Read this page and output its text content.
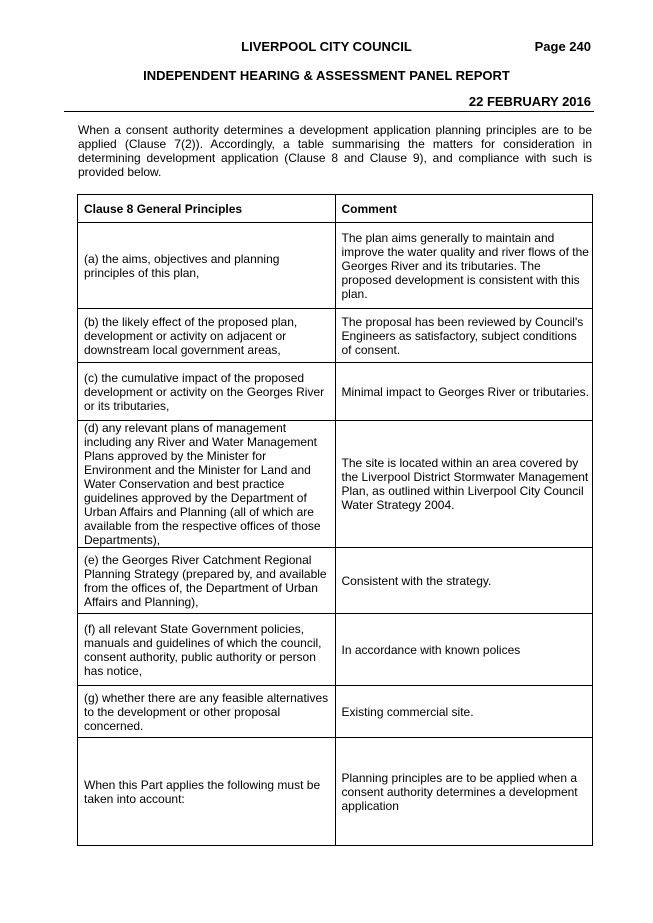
LIVERPOOL CITY COUNCIL	Page 240
INDEPENDENT HEARING & ASSESSMENT PANEL REPORT
22 FEBRUARY 2016
When a consent authority determines a development application planning principles are to be applied (Clause 7(2)). Accordingly, a table summarising the matters for consideration in determining development application (Clause 8 and Clause 9), and compliance with such is provided below.
Clause 8 General Principles	Comment
(a) the aims, objectives and planning principles of this plan,	The plan aims generally to maintain and improve the water quality and river flows of the Georges River and its tributaries. The proposed development is consistent with this plan.
(b) the likely effect of the proposed plan, development or activity on adjacent or downstream local government areas,	The proposal has been reviewed by Council's Engineers as satisfactory, subject conditions of consent.
(c) the cumulative impact of the proposed development or activity on the Georges River or its tributaries,	Minimal impact to Georges River or tributaries.
(d) any relevant plans of management including any River and Water Management Plans approved by the Minister for Environment and the Minister for Land and Water Conservation and best practice guidelines approved by the Department of Urban Affairs and Planning (all of which are available from the respective offices of those Departments),	The site is located within an area covered by the Liverpool District Stormwater Management Plan, as outlined within Liverpool City Council Water Strategy 2004.
(e) the Georges River Catchment Regional Planning Strategy (prepared by, and available from the offices of, the Department of Urban Affairs and Planning),	Consistent with the strategy.
(f) all relevant State Government policies, manuals and guidelines of which the council, consent authority, public authority or person has notice,	In accordance with known polices
(g) whether there are any feasible alternatives to the development or other proposal concerned.	Existing commercial site.
When this Part applies the following must be taken into account:	Planning principles are to be applied when a consent authority determines a development application
